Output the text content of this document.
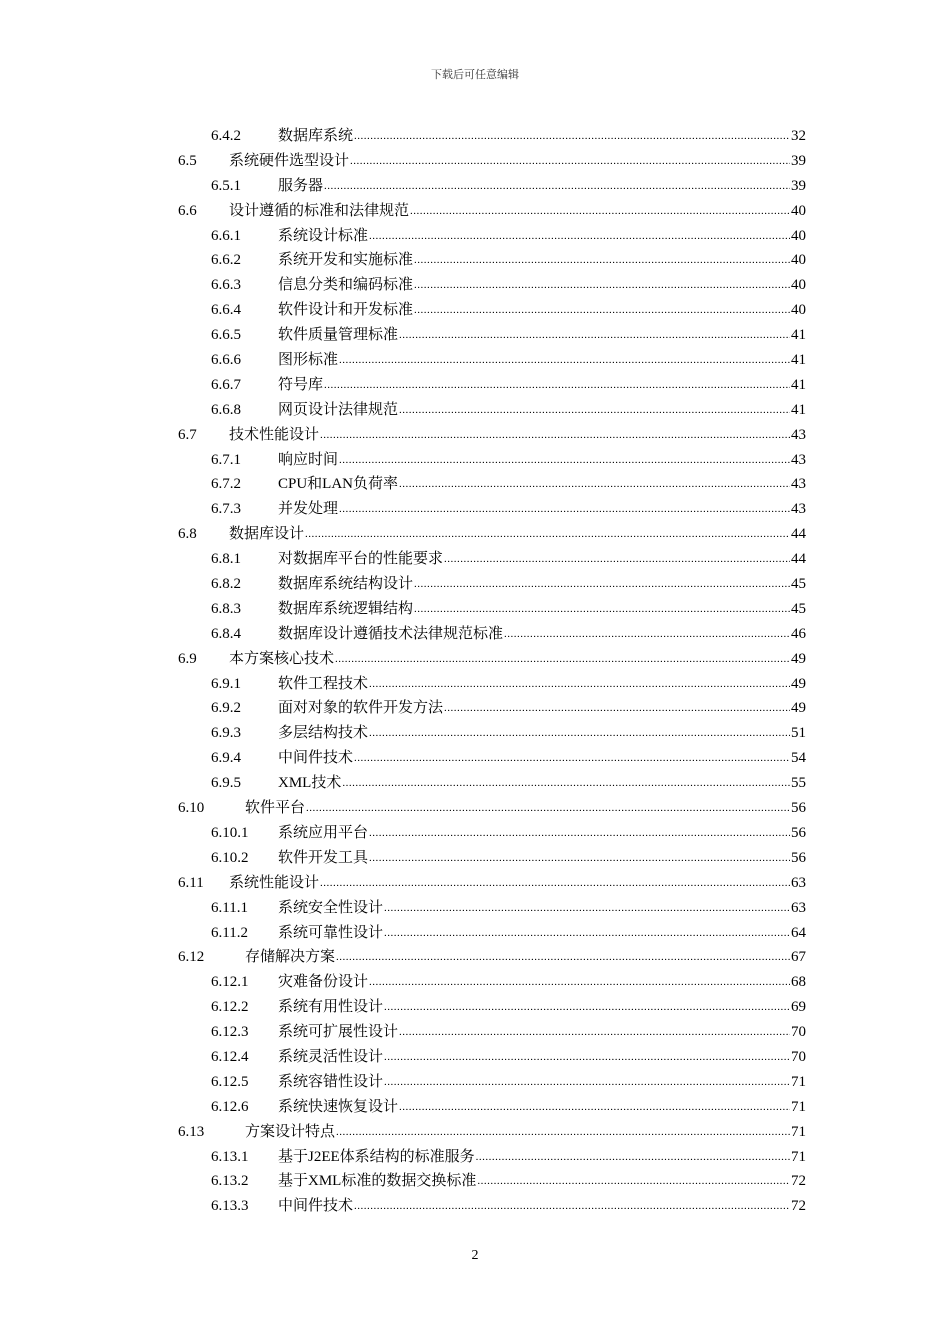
下载后可任意编辑
6.4.2	数据库系统 .....	32
6.5	系统硬件选型设计 .....	39
6.5.1	服务器 .....	39
6.6	设计遵循的标准和法律规范 .....	40
6.6.1	系统设计标准 .....	40
6.6.2	系统开发和实施标准 .....	40
6.6.3	信息分类和编码标准 .....	40
6.6.4	软件设计和开发标准 .....	40
6.6.5	软件质量管理标准 .....	41
6.6.6	图形标准 .....	41
6.6.7	符号库 .....	41
6.6.8	网页设计法律规范 .....	41
6.7	技术性能设计 .....	43
6.7.1	响应时间 .....	43
6.7.2	CPU和LAN负荷率 .....	43
6.7.3	并发处理 .....	43
6.8	数据库设计 .....	44
6.8.1	对数据库平台的性能要求 .....	44
6.8.2	数据库系统结构设计 .....	45
6.8.3	数据库系统逻辑结构 .....	45
6.8.4	数据库设计遵循技术法律规范标准 .....	46
6.9	本方案核心技术 .....	49
6.9.1	软件工程技术 .....	49
6.9.2	面对对象的软件开发方法 .....	49
6.9.3	多层结构技术 .....	51
6.9.4	中间件技术 .....	54
6.9.5	XML技术 .....	55
6.10	软件平台 .....	56
6.10.1	系统应用平台 .....	56
6.10.2	软件开发工具 .....	56
6.11	系统性能设计 .....	63
6.11.1	系统安全性设计 .....	63
6.11.2	系统可靠性设计 .....	64
6.12	存储解决方案 .....	67
6.12.1	灾难备份设计 .....	68
6.12.2	系统有用性设计 .....	69
6.12.3	系统可扩展性设计 .....	70
6.12.4	系统灵活性设计 .....	70
6.12.5	系统容错性设计 .....	71
6.12.6	系统快速恢复设计 .....	71
6.13	方案设计特点 .....	71
6.13.1	基于J2EE体系结构的标准服务 .....	71
6.13.2	基于XML标准的数据交换标准 .....	72
6.13.3	中间件技术 .....	72
2
